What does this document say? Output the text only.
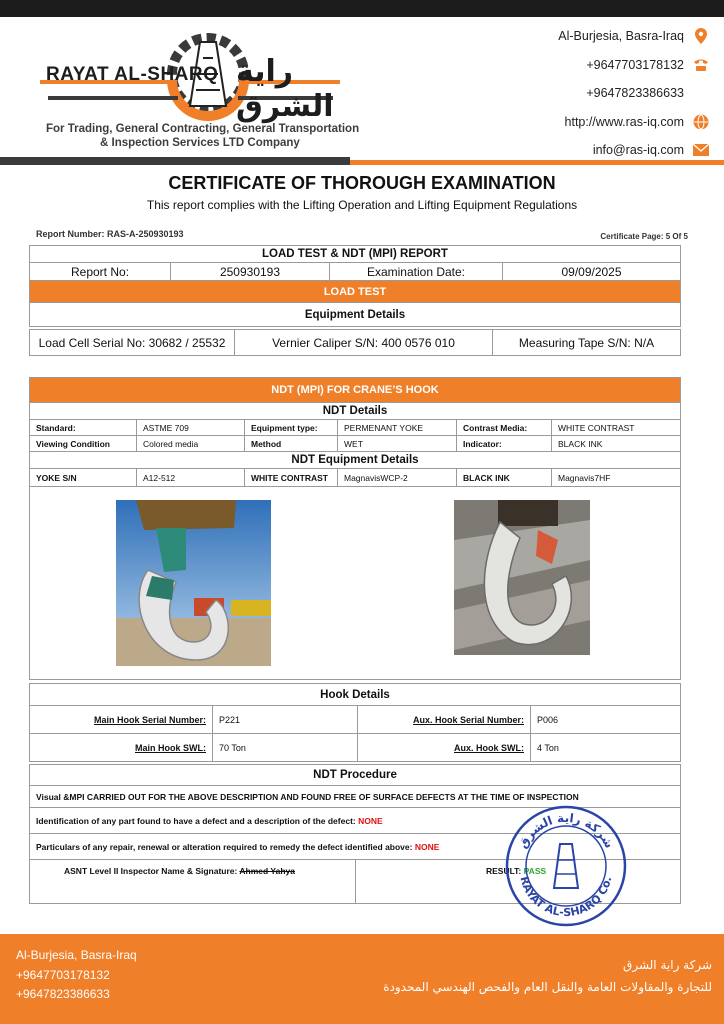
RAYAT AL-SHARQ راية الشرق
For Trading, General Contracting, General Transportation
& Inspection Services LTD Company
Al-Burjesia, Basra-Iraq
+9647703178132
+9647823386633
http://www.ras-iq.com
info@ras-iq.com
CERTIFICATE OF THOROUGH EXAMINATION
This report complies with the Lifting Operation and Lifting Equipment Regulations
Report Number: RAS-A-250930193	Certificate Page: 5 Of 5
LOAD TEST & NDT (MPI) REPORT
Report No:	250930193	Examination Date:	09/09/2025
LOAD TEST
Equipment Details
Load Cell Serial No: 30682 / 25532	Vernier Caliper S/N: 400 0576 010	Measuring Tape S/N: N/A
NDT (MPI) FOR CRANE’S HOOK					
NDT Details					
Standard:	ASTME 709	Equipment type:	PERMENANT YOKE	Contrast Media:	WHITE CONTRAST
Viewing Condition	Colored media	Method	WET	Indicator:	BLACK INK
NDT Equipment Details					
YOKE S/N	A12-512	WHITE CONTRAST	MagnavisWCP-2	BLACK INK	Magnavis7HF

Hook Details			
Main Hook Serial Number:	P221	Aux. Hook Serial Number:	P006
Main Hook SWL:	70 Ton	Aux. Hook SWL:	4 Ton
NDT Procedure
Visual &MPI CARRIED OUT FOR THE ABOVE DESCRIPTION AND FOUND FREE OF SURFACE DEFECTS AT THE TIME OF INSPECTION
Identification of any part found to have a defect and a description of the defect: NONE
Particulars of any repair, renewal or alteration required to remedy the defect identified above: NONE

ASNT Level II Inspector Name & Signature: Ahmed Yahya	RESULT: PASS
شركة راية الشرق
RAYAT AL-SHARQ Co.
Al-Burjesia, Basra-Iraq
+9647703178132
+9647823386633
شركة راية الشرق
للتجارة والمقاولات العامة والنقل العام والفحص الهندسي المحدودة
